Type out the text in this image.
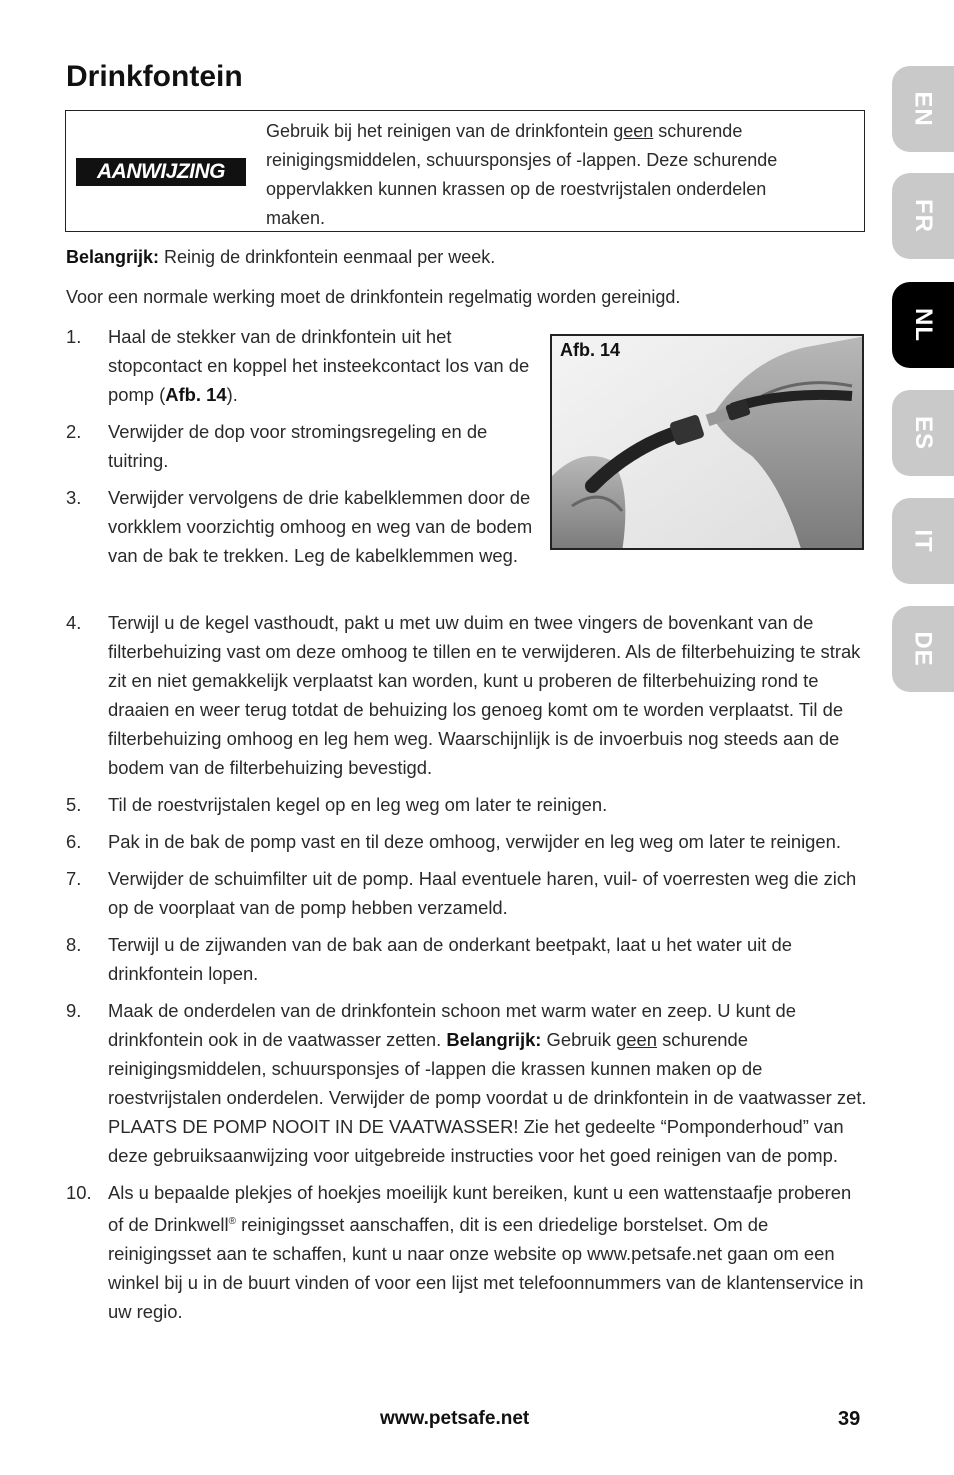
Drinkfontein
AANWIJZING
Gebruik bij het reinigen van de drinkfontein geen schurende reinigingsmiddelen, schuursponsjes of -lappen. Deze schurende oppervlakken kunnen krassen op de roestvrijstalen onderdelen maken.
Belangrijk: Reinig de drinkfontein eenmaal per week.
Voor een normale werking moet de drinkfontein regelmatig worden gereinigd.
1. Haal de stekker van de drinkfontein uit het stopcontact en koppel het insteekcontact los van de pomp (Afb. 14).
2. Verwijder de dop voor stromingsregeling en de tuitring.
3. Verwijder vervolgens de drie kabelklemmen door de vorkklem voorzichtig omhoog en weg van de bodem van de bak te trekken. Leg de kabelklemmen weg.
Afb. 14
4. Terwijl u de kegel vasthoudt, pakt u met uw duim en twee vingers de bovenkant van de filterbehuizing vast om deze omhoog te tillen en te verwijderen. Als de filterbehuizing te strak zit en niet gemakkelijk verplaatst kan worden, kunt u proberen de filterbehuizing rond te draaien en weer terug totdat de behuizing los genoeg komt om te worden verplaatst. Til de filterbehuizing omhoog en leg hem weg. Waarschijnlijk is de invoerbuis nog steeds aan de bodem van de filterbehuizing bevestigd.
5. Til de roestvrijstalen kegel op en leg weg om later te reinigen.
6. Pak in de bak de pomp vast en til deze omhoog, verwijder en leg weg om later te reinigen.
7. Verwijder de schuimfilter uit de pomp. Haal eventuele haren, vuil- of voerresten weg die zich op de voorplaat van de pomp hebben verzameld.
8. Terwijl u de zijwanden van de bak aan de onderkant beetpakt, laat u het water uit de drinkfontein lopen.
9. Maak de onderdelen van de drinkfontein schoon met warm water en zeep. U kunt de drinkfontein ook in de vaatwasser zetten. Belangrijk: Gebruik geen schurende reinigingsmiddelen, schuursponsjes of -lappen die krassen kunnen maken op de roestvrijstalen onderdelen. Verwijder de pomp voordat u de drinkfontein in de vaatwasser zet. PLAATS DE POMP NOOIT IN DE VAATWASSER! Zie het gedeelte “Pomponderhoud” van deze gebruiksaanwijzing voor uitgebreide instructies voor het goed reinigen van de pomp.
10. Als u bepaalde plekjes of hoekjes moeilijk kunt bereiken, kunt u een wattenstaafje proberen of de Drinkwell® reinigingsset aanschaffen, dit is een driedelige borstelset. Om de reinigingsset aan te schaffen, kunt u naar onze website op www.petsafe.net gaan om een winkel bij u in de buurt vinden of voor een lijst met telefoonnummers van de klantenservice in uw regio.
EN
FR
NL
ES
IT
DE
www.petsafe.net	39
